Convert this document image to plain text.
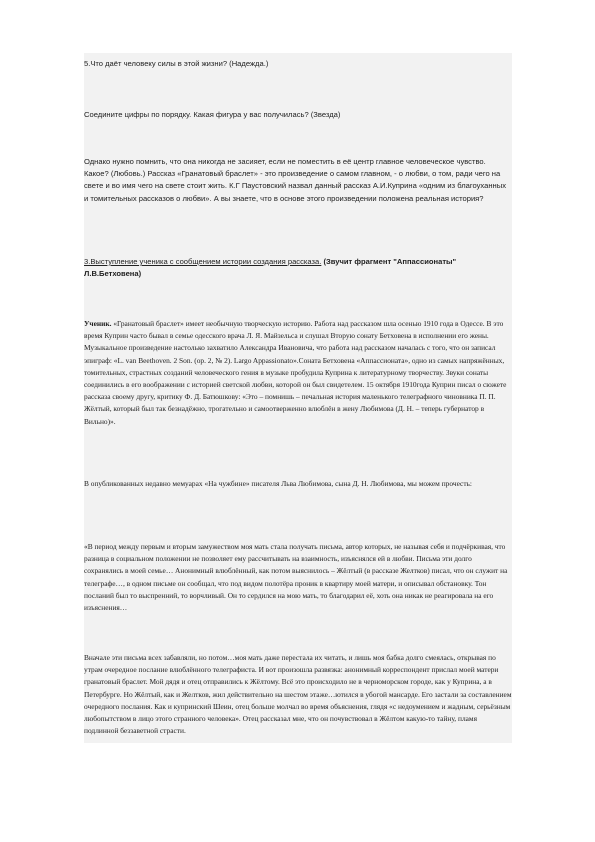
5.Что даёт человеку силы в этой жизни? (Надежда.)

Соедините цифры по порядку. Какая фигура у вас получилась? (Звезда)

Однако нужно помнить, что она никогда не засияет, если не поместить в её центр главное человеческое чувство. Какое? (Любовь.) Рассказ «Гранатовый браслет» - это произведение о самом главном, - о любви, о том, ради чего на свете и во имя чего на свете стоит жить. К.Г Паустовский назвал данный рассказ А.И.Куприна «одним из благоуханных и томительных рассказов о любви». А вы знаете, что в основе этого произведении положена реальная история?

3.Выступление ученика с сообщением истории создания рассказа. (Звучит фрагмент "Аппассионаты" Л.В.Бетховена)

Ученик. «Гранатовый браслет» имеет необычную творческую историю. Работа над рассказом шла осенью 1910 года в Одессе. В это время Куприн часто бывал в семье одесского врача Л. Я. Майзельса и слушал Вторую сонату Бетховена в исполнении его жены. Музыкальное произведение настолько захватило Александра Ивановича, что работа над рассказом началась с того, что он записал эпиграф: «L. van Beethoven. 2 Son. (op. 2, № 2). Largo Appassionato».Соната Бетховена «Аппассионата», одно из самых напряжённых, томительных, страстных созданий человеческого гения в музыке пробудила Куприна к литературному творчеству. Звуки сонаты соединились в его воображении с историей светской любви, которой он был свидетелем. 15 октября 1910года Куприн писал о сюжете рассказа своему другу, критику Ф. Д. Батюшкову: «Это – помнишь – печальная история маленького телеграфного чиновника П. П. Жёлтый, который был так безнадёжно, трогательно и самоотверженно влюблён в жену Любимова (Д. Н. – теперь губернатор в Вильно)».

В опубликованных недавно мемуарах «На чужбине» писателя Льва Любимова, сына Д. Н. Любимова, мы можем прочесть:

«В период между первым и вторым замужеством моя мать стала получать письма, автор которых, не называя себя и подчёркивая, что разница в социальном положении не позволяет ему рассчитывать на взаимность, изъяснялся ей в любви. Письма эти долго сохранялись в моей семье… Анонимный влюблённый, как потом выяснилось – Жёлтый (в рассказе Желтков) писал, что он служит на телеграфе…, в одном письме он сообщал, что под видом полотёра проник в квартиру моей матери, и описывал обстановку. Тон посланий был то выспренний, то ворчливый. Он то сердился на мою мать, то благодарил её, хоть она никак не реагировала на его изъяснения…

Вначале эти письма всех забавляли, но потом…моя мать даже перестала их читать, и лишь моя бабка долго смеялась, открывая по утрам очередное послание влюблённого телеграфиста. И вот произошла развязка: анонимный корреспондент прислал моей матери гранатовый браслет. Мой дядя и отец отправились к Жёлтому. Всё это происходило не в черноморском городе, как у Куприна, а в Петербурге. Но Жёлтый, как и Желтков, жил действительно на шестом этаже…ютился в убогой мансарде. Его застали за составлением очередного послания. Как и купринский Шеин, отец больше молчал во время объяснения, глядя «с недоумением и жадным, серьёзным любопытством в лицо этого странного человека». Отец рассказал мне, что он почувствовал в Жёлтом какую-то тайну, пламя подлинной беззаветной страсти.
